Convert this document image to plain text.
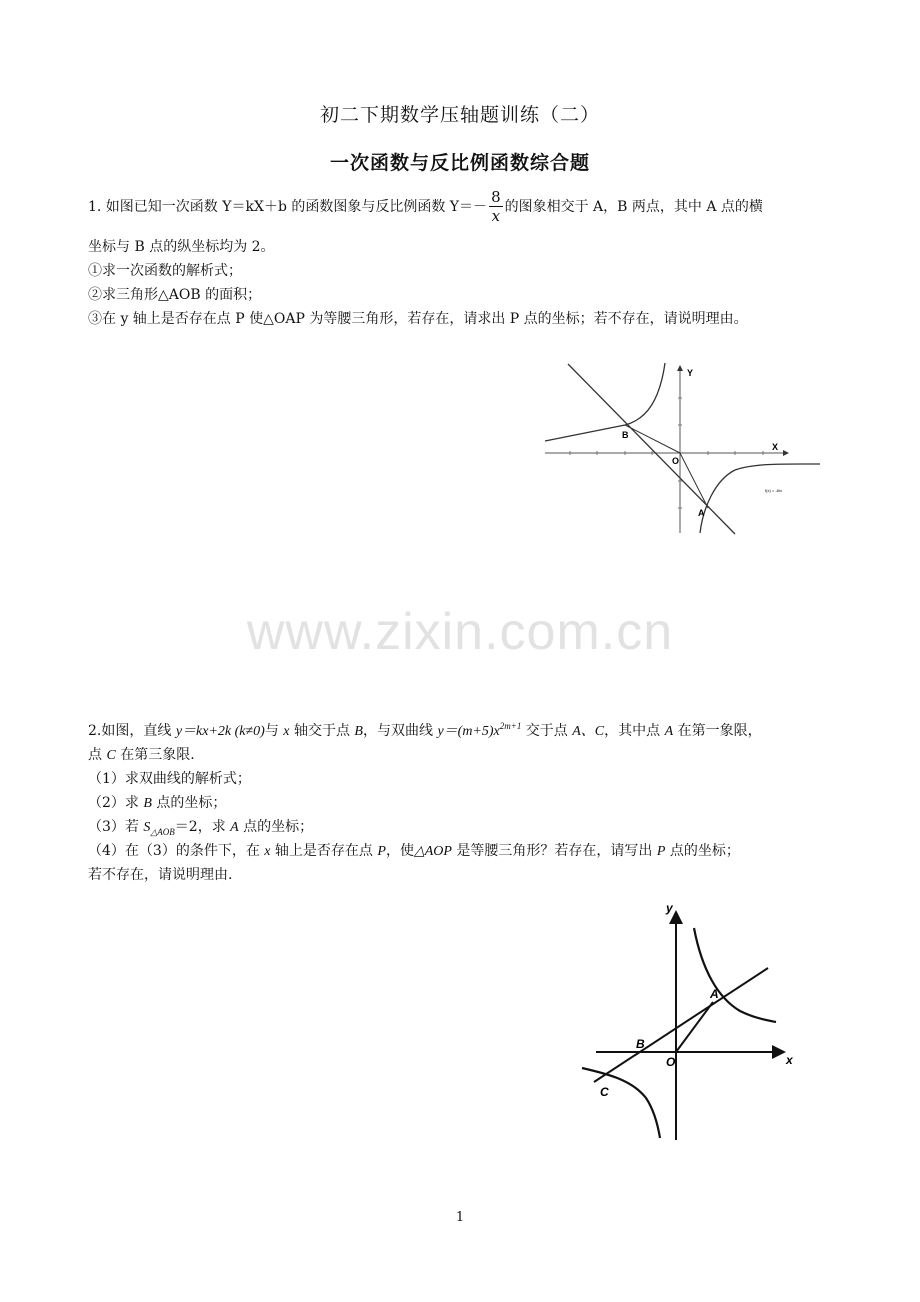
初二下期数学压轴题训练（二）
一次函数与反比例函数综合题
1. 如图已知一次函数 Y＝kX＋b 的函数图象与反比例函数 $Y=- \frac{8}{x}$ 的图象相交于 A，B 两点，其中 A 点的横
坐标与 B 点的纵坐标均为 2。
①求一次函数的解析式；
②求三角形△AOB 的面积；
③在 y 轴上是否存在点 P 使△OAP 为等腰三角形，若存在，请求出 P 点的坐标；若不存在，请说明理由。
Y
X
O
B
A
f(x) = -8/x
www.zixin.com.cn
2.如图，直线 y＝kx+2k (k≠0)与 x 轴交于点 B，与双曲线 $y=(m+5)x^{2m+1}$ 交于点 A、C，其中点 A 在第一象限，
点 C 在第三象限.
（1）求双曲线的解析式；
（2）求 B 点的坐标；
（3）若 $S_{\triangle AOB}=2$，求 A 点的坐标；
（4）在（3）的条件下，在 x 轴上是否存在点 P，使△AOP 是等腰三角形？若存在，请写出 P 点的坐标；
若不存在，请说明理由.
y
x
O
A
B
C
1
